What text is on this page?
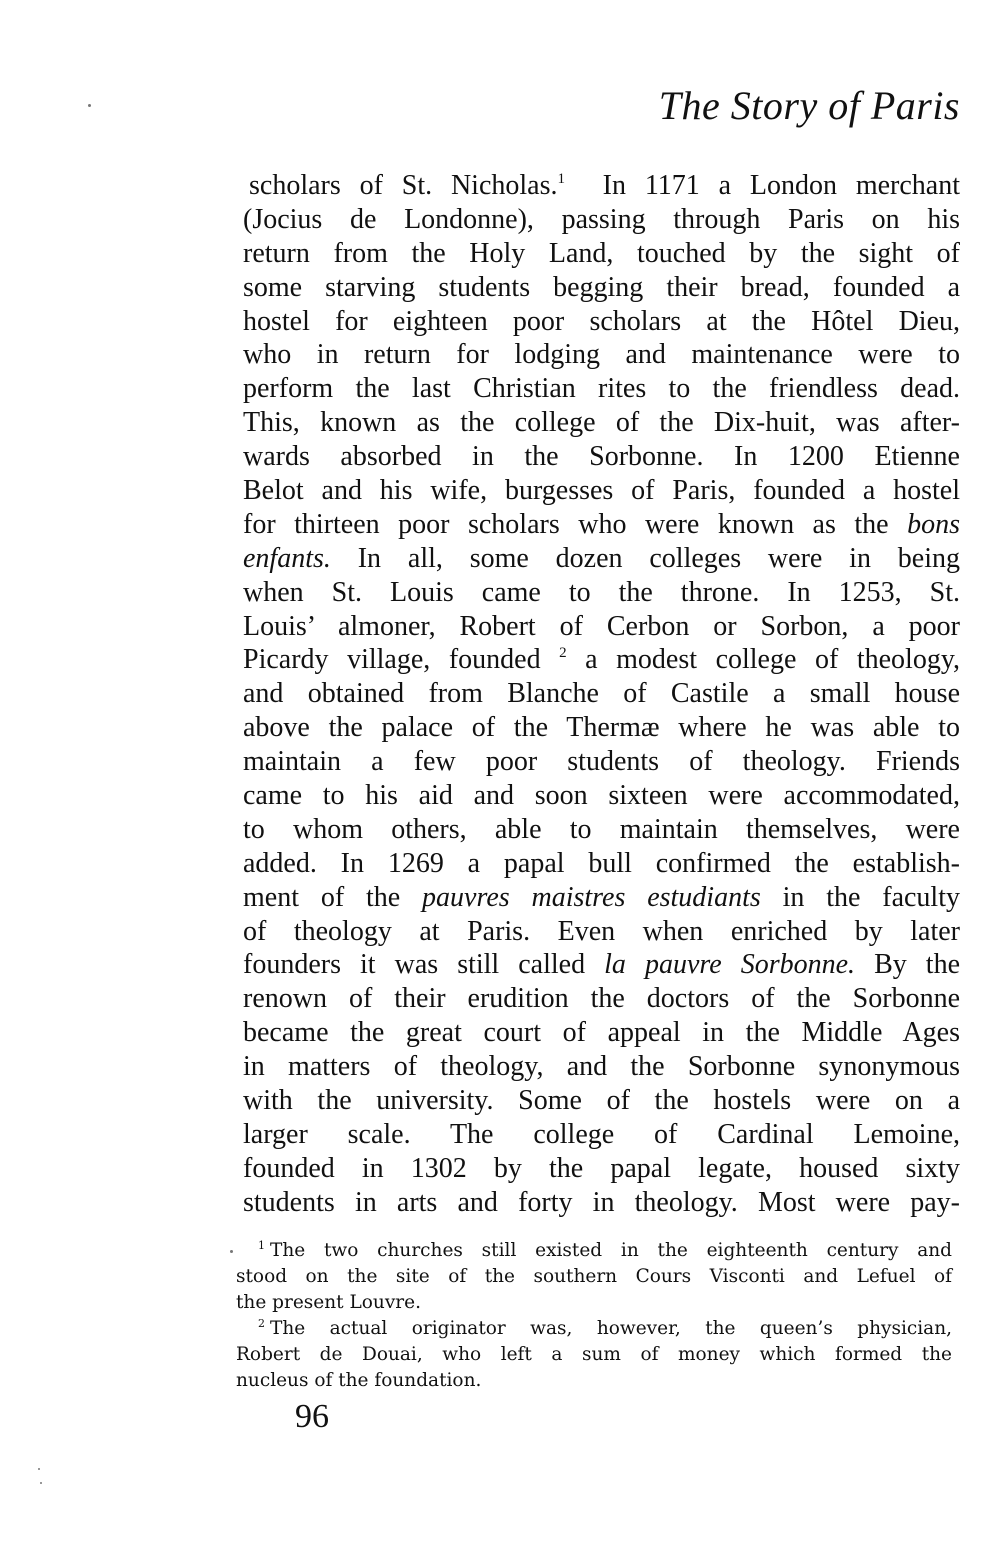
The Story of Paris
scholars of St. Nicholas.$^1$ In 1171 a London merchant
(Jocius de Londonne), passing through Paris on his
return from the Holy Land, touched by the sight of
some starving students begging their bread, founded a
hostel for eighteen poor scholars at the Hôtel Dieu,
who in return for lodging and maintenance were to
perform the last Christian rites to the friendless dead.
This, known as the college of the Dix-huit, was after-
wards absorbed in the Sorbonne. In 1200 Etienne
Belot and his wife, burgesses of Paris, founded a hostel
for thirteen poor scholars who were known as the bons
enfants. In all, some dozen colleges were in being
when St. Louis came to the throne. In 1253, St.
Louis’ almoner, Robert of Cerbon or Sorbon, a poor
Picardy village, founded $^2$ a modest college of theology,
and obtained from Blanche of Castile a small house
above the palace of the Thermæ where he was able to
maintain a few poor students of theology. Friends
came to his aid and soon sixteen were accommodated,
to whom others, able to maintain themselves, were
added. In 1269 a papal bull confirmed the establish-
ment of the pauvres maistres estudiants in the faculty
of theology at Paris. Even when enriched by later
founders it was still called la pauvre Sorbonne. By the
renown of their erudition the doctors of the Sorbonne
became the great court of appeal in the Middle Ages
in matters of theology, and the Sorbonne synonymous
with the university. Some of the hostels were on a
larger scale. The college of Cardinal Lemoine,
founded in 1302 by the papal legate, housed sixty
students in arts and forty in theology. Most were pay-
$^1$ The two churches still existed in the eighteenth century and
stood on the site of the southern Cours Visconti and Lefuel of
the present Louvre.
$^2$ The actual originator was, however, the queen’s physician,
Robert de Douai, who left a sum of money which formed the
nucleus of the foundation.
96
